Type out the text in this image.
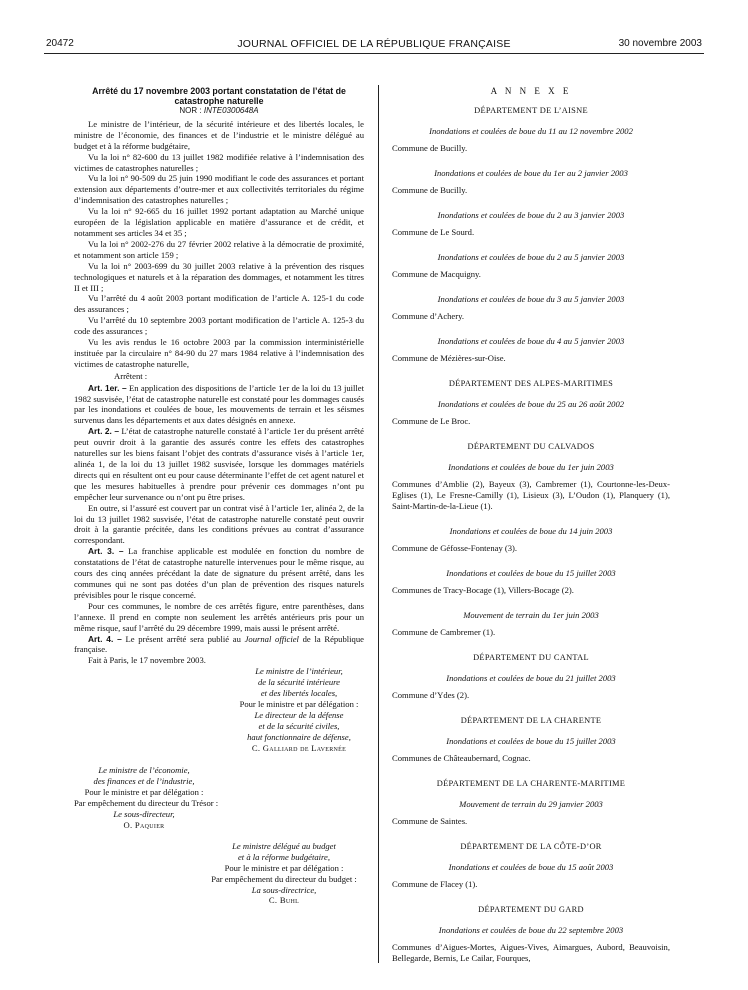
20472	JOURNAL OFFICIEL DE LA RÉPUBLIQUE FRANÇAISE	30 novembre 2003

Arrêté du 17 novembre 2003 portant constatation de l’état de catastrophe naturelle

NOR : INTE0300648A

Le ministre de l’intérieur, de la sécurité intérieure et des libertés locales, le ministre de l’économie, des finances et de l’industrie et le ministre délégué au budget et à la réforme budgétaire,

Vu la loi n° 82-600 du 13 juillet 1982 modifiée relative à l’indemnisation des victimes de catastrophes naturelles ;

Vu la loi n° 90-509 du 25 juin 1990 modifiant le code des assurances et portant extension aux départements d’outre-mer et aux collectivités territoriales du régime d’indemnisation des catastrophes naturelles ;

Vu la loi n° 92-665 du 16 juillet 1992 portant adaptation au Marché unique européen de la législation applicable en matière d’assurance et de crédit, et notamment ses articles 34 et 35 ;

Vu la loi n° 2002-276 du 27 février 2002 relative à la démocratie de proximité, et notamment son article 159 ;

Vu la loi n° 2003-699 du 30 juillet 2003 relative à la prévention des risques technologiques et naturels et à la réparation des dommages, et notamment les titres II et III ;

Vu l’arrêté du 4 août 2003 portant modification de l’article A. 125-1 du code des assurances ;

Vu l’arrêté du 10 septembre 2003 portant modification de l’article A. 125-3 du code des assurances ;

Vu les avis rendus le 16 octobre 2003 par la commission interministérielle instituée par la circulaire n° 84-90 du 27 mars 1984 relative à l’indemnisation des victimes de catastrophe naturelle,

Arrêtent :

Art. 1er. – En application des dispositions de l’article 1er de la loi du 13 juillet 1982 susvisée, l’état de catastrophe naturelle est constaté pour les dommages causés par les inondations et coulées de boue, les mouvements de terrain et les séismes survenus dans les départements et aux dates désignés en annexe.

Art. 2. – L’état de catastrophe naturelle constaté à l’article 1er du présent arrêté peut ouvrir droit à la garantie des assurés contre les effets des catastrophes naturelles sur les biens faisant l’objet des contrats d’assurance visés à l’article 1er, alinéa 1, de la loi du 13 juillet 1982 susvisée, lorsque les dommages matériels directs qui en résultent ont eu pour cause déterminante l’effet de cet agent naturel et que les mesures habituelles à prendre pour prévenir ces dommages n’ont pu empêcher leur survenance ou n’ont pu être prises.

En outre, si l’assuré est couvert par un contrat visé à l’article 1er, alinéa 2, de la loi du 13 juillet 1982 susvisée, l’état de catastrophe naturelle constaté peut ouvrir droit à la garantie précitée, dans les conditions prévues au contrat d’assurance correspondant.

Art. 3. – La franchise applicable est modulée en fonction du nombre de constatations de l’état de catastrophe naturelle intervenues pour le même risque, au cours des cinq années précédant la date de signature du présent arrêté, dans les communes qui ne sont pas dotées d’un plan de prévention des risques naturels prévisibles pour le risque concerné.

Pour ces communes, le nombre de ces arrêtés figure, entre parenthèses, dans l’annexe. Il prend en compte non seulement les arrêtés antérieurs pris pour un même risque, sauf l’arrêté du 29 décembre 1999, mais aussi le présent arrêté.

Art. 4. – Le présent arrêté sera publié au Journal officiel de la République française.

Fait à Paris, le 17 novembre 2003.

Le ministre de l’intérieur,
de la sécurité intérieure
et des libertés locales,
Pour le ministre et par délégation :
Le directeur de la défense
et de la sécurité civiles,
haut fonctionnaire de défense,
C. Galliard de Lavernée
Le ministre de l’économie,
des finances et de l’industrie,
Pour le ministre et par délégation :
Par empêchement du directeur du Trésor :
Le sous-directeur,
O. Paquier
Le ministre délégué au budget
et à la réforme budgétaire,
Pour le ministre et par délégation :
Par empêchement du directeur du budget :
La sous-directrice,
C. Buhl
A N N E X E
DÉPARTEMENT DE L’AISNE
Inondations et coulées de boue du 11 au 12 novembre 2002
Commune de Bucilly.
Inondations et coulées de boue du 1er au 2 janvier 2003
Commune de Bucilly.
Inondations et coulées de boue du 2 au 3 janvier 2003
Commune de Le Sourd.
Inondations et coulées de boue du 2 au 5 janvier 2003
Commune de Macquigny.
Inondations et coulées de boue du 3 au 5 janvier 2003
Commune d’Achery.
Inondations et coulées de boue du 4 au 5 janvier 2003
Commune de Mézières-sur-Oise.
DÉPARTEMENT DES ALPES-MARITIMES
Inondations et coulées de boue du 25 au 26 août 2002
Commune de Le Broc.
DÉPARTEMENT DU CALVADOS
Inondations et coulées de boue du 1er juin 2003
Communes d’Amblie (2), Bayeux (3), Cambremer (1), Courtonne-les-Deux-Eglises (1), Le Fresne-Camilly (1), Lisieux (3), L’Oudon (1), Planquery (1), Saint-Martin-de-la-Lieue (1).
Inondations et coulées de boue du 14 juin 2003
Commune de Géfosse-Fontenay (3).
Inondations et coulées de boue du 15 juillet 2003
Communes de Tracy-Bocage (1), Villers-Bocage (2).
Mouvement de terrain du 1er juin 2003
Commune de Cambremer (1).
DÉPARTEMENT DU CANTAL
Inondations et coulées de boue du 21 juillet 2003
Commune d’Ydes (2).
DÉPARTEMENT DE LA CHARENTE
Inondations et coulées de boue du 15 juillet 2003
Communes de Châteaubernard, Cognac.
DÉPARTEMENT DE LA CHARENTE-MARITIME
Mouvement de terrain du 29 janvier 2003
Commune de Saintes.
DÉPARTEMENT DE LA CÔTE-D’OR
Inondations et coulées de boue du 15 août 2003
Commune de Flacey (1).
DÉPARTEMENT DU GARD
Inondations et coulées de boue du 22 septembre 2003
Communes d’Aigues-Mortes, Aigues-Vives, Aimargues, Aubord, Beauvoisin, Bellegarde, Bernis, Le Cailar, Fourques,
